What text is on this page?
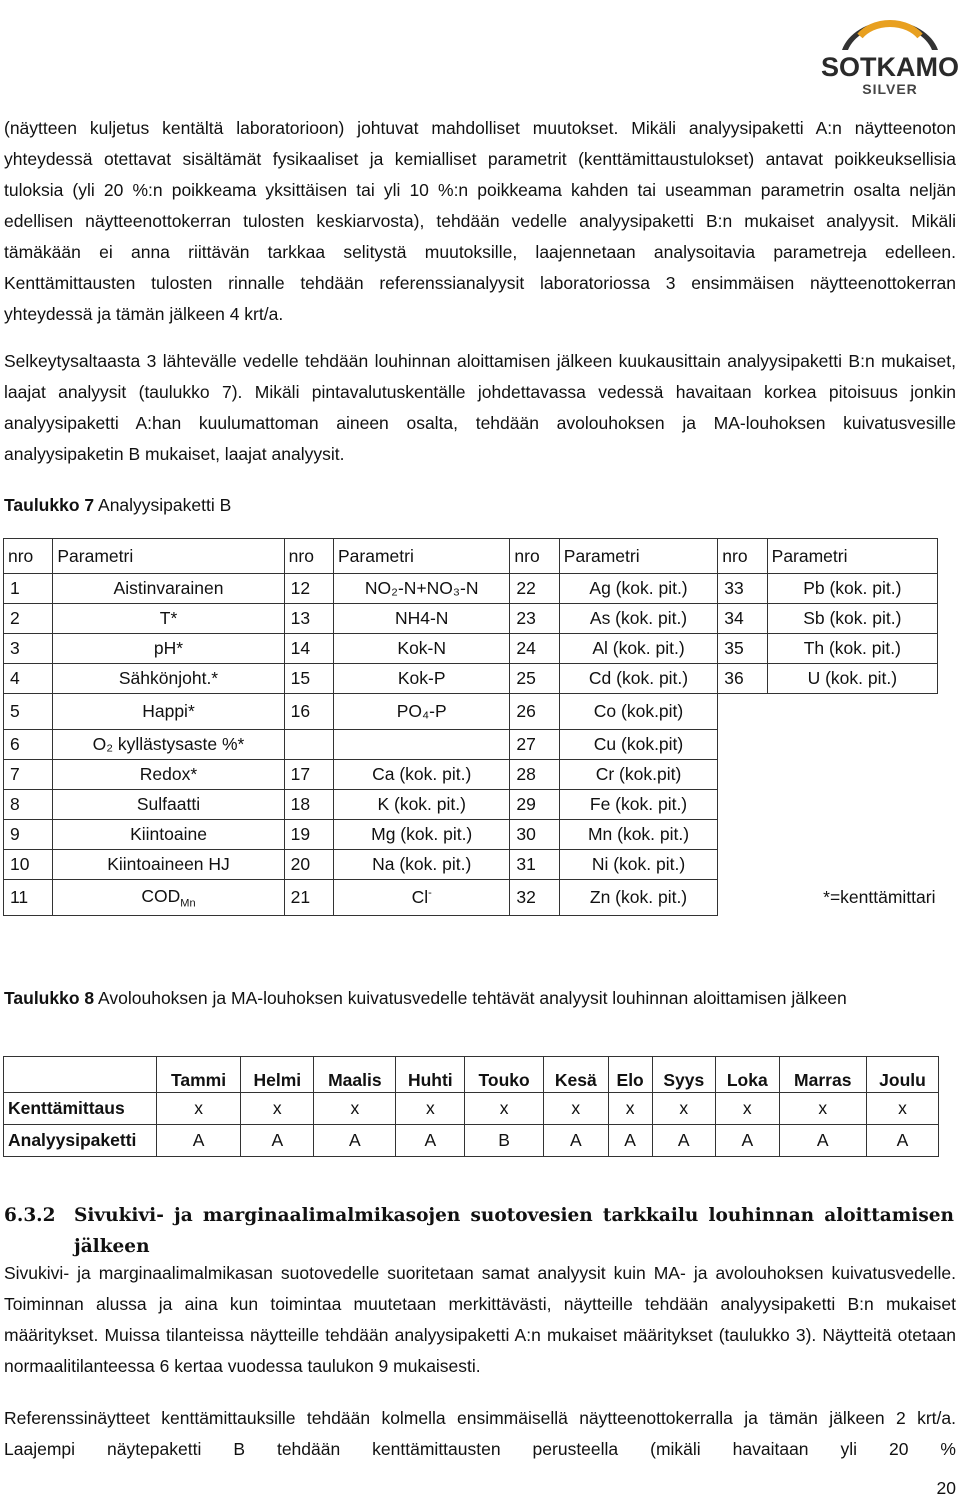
SOTKAMO
SILVER

(näytteen kuljetus kentältä laboratorioon) johtuvat mahdolliset muutokset. Mikäli analyysipaketti A:n näytteenoton yhteydessä otettavat sisältämät fysikaaliset ja kemialliset parametrit (kenttämittaustulokset) antavat poikkeuksellisia tuloksia (yli 20 %:n poikkeama yksittäisen tai yli 10 %:n poikkeama kahden tai useamman parametrin osalta neljän edellisen näytteenottokerran tulosten keskiarvosta), tehdään vedelle analyysipaketti B:n mukaiset analyysit. Mikäli tämäkään ei anna riittävän tarkkaa selitystä muutoksille, laajennetaan analysoitavia parametreja edelleen. Kenttämittausten tulosten rinnalle tehdään referenssianalyysit laboratoriossa 3 ensimmäisen näytteenottokerran yhteydessä ja tämän jälkeen 4 krt/a.

Selkeytysaltaasta 3 lähtevälle vedelle tehdään louhinnan aloittamisen jälkeen kuukausittain analyysipaketti B:n mukaiset, laajat analyysit (taulukko 7). Mikäli pintavalutuskentälle johdettavassa vedessä havaitaan korkea pitoisuus jonkin analyysipaketti A:han kuulumattoman aineen osalta, tehdään avolouhoksen ja MA-louhoksen kuivatusvesille analyysipaketin B mukaiset, laajat analyysit.

Taulukko 7 Analyysipaketti B

nro	Parametri	nro	Parametri	nro	Parametri	nro	Parametri
1	Aistinvarainen	12	NO₂-N+NO₃-N	22	Ag (kok. pit.)	33	Pb (kok. pit.)
2	T*	13	NH4-N	23	As (kok. pit.)	34	Sb (kok. pit.)
3	pH*	14	Kok-N	24	Al (kok. pit.)	35	Th (kok. pit.)
4	Sähkönjoht.*	15	Kok-P	25	Cd (kok. pit.)	36	U (kok. pit.)
5	Happi*	16	PO₄-P	26	Co (kok.pit)		
6	O₂ kyllästysaste %*			27	Cu (kok.pit)		
7	Redox*	17	Ca (kok. pit.)	28	Cr (kok.pit)		
8	Sulfaatti	18	K (kok. pit.)	29	Fe (kok. pit.)		
9	Kiintoaine	19	Mg (kok. pit.)	30	Mn (kok. pit.)		
10	Kiintoaineen HJ	20	Na (kok. pit.)	31	Ni (kok. pit.)		
11	$COD_{Mn}$	21	Cl-	32	Zn (kok. pit.)		*=kenttämittari

Taulukko 8 Avolouhoksen ja MA-louhoksen kuivatusvedelle tehtävät analyysit louhinnan aloittamisen jälkeen

	Tammi	Helmi	Maalis	Huhti	Touko	Kesä	Elo	Syys	Loka	Marras	Joulu
Kenttämittaus	x	x	x	x	x	x	x	x	x	x	x
Analyysipaketti	A	A	A	A	B	A	A	A	A	A	A
6.3.2 Sivukivi- ja marginaalimalmikasojen suotovesien tarkkailu louhinnan aloittamisen
jälkeen

Sivukivi- ja marginaalimalmikasan suotovedelle suoritetaan samat analyysit kuin MA- ja avolouhoksen kuivatusvedelle. Toiminnan alussa ja aina kun toimintaa muutetaan merkittävästi, näytteille tehdään analyysipaketti B:n mukaiset määritykset. Muissa tilanteissa näytteille tehdään analyysipaketti A:n mukaiset määritykset (taulukko 3). Näytteitä otetaan normaalitilanteessa 6 kertaa vuodessa taulukon 9 mukaisesti.

Referenssinäytteet kenttämittauksille tehdään kolmella ensimmäisellä näytteenottokerralla ja tämän jälkeen 2 krt/a. Laajempi näytepaketti B tehdään kenttämittausten perusteella (mikäli havaitaan yli 20 %

20
